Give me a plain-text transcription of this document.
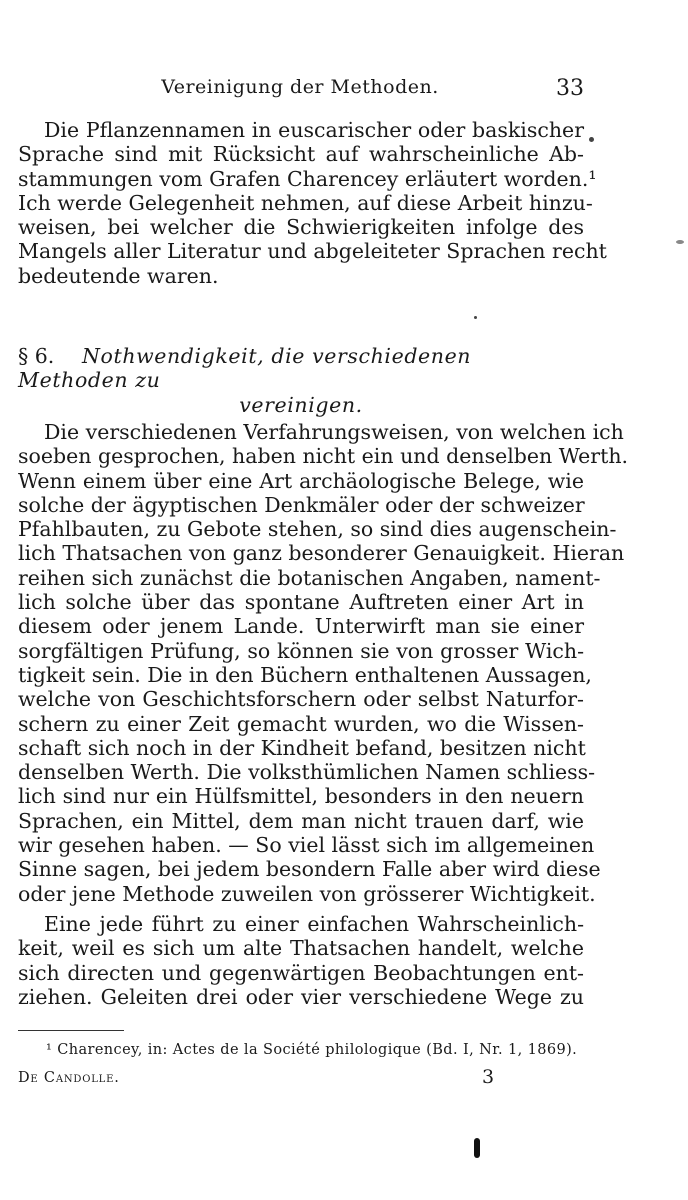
Vereinigung der Methoden.	33
Die Pflanzennamen in euscarischer oder baskischer
Sprache sind mit Rücksicht auf wahrscheinliche Ab-
stammungen vom Grafen Charencey erläutert worden.¹
Ich werde Gelegenheit nehmen, auf diese Arbeit hinzu-
weisen, bei welcher die Schwierigkeiten infolge des
Mangels aller Literatur und abgeleiteter Sprachen recht
bedeutende waren.
§ 6. Nothwendigkeit, die verschiedenen Methoden zu
vereinigen.
Die verschiedenen Verfahrungsweisen, von welchen ich
soeben gesprochen, haben nicht ein und denselben Werth.
Wenn einem über eine Art archäologische Belege, wie
solche der ägyptischen Denkmäler oder der schweizer
Pfahlbauten, zu Gebote stehen, so sind dies augenschein-
lich Thatsachen von ganz besonderer Genauigkeit. Hieran
reihen sich zunächst die botanischen Angaben, nament-
lich solche über das spontane Auftreten einer Art in
diesem oder jenem Lande. Unterwirft man sie einer
sorgfältigen Prüfung, so können sie von grosser Wich-
tigkeit sein. Die in den Büchern enthaltenen Aussagen,
welche von Geschichtsforschern oder selbst Naturfor-
schern zu einer Zeit gemacht wurden, wo die Wissen-
schaft sich noch in der Kindheit befand, besitzen nicht
denselben Werth. Die volksthümlichen Namen schliess-
lich sind nur ein Hülfsmittel, besonders in den neuern
Sprachen, ein Mittel, dem man nicht trauen darf, wie
wir gesehen haben. — So viel lässt sich im allgemeinen
Sinne sagen, bei jedem besondern Falle aber wird diese
oder jene Methode zuweilen von grösserer Wichtigkeit.
Eine jede führt zu einer einfachen Wahrscheinlich-
keit, weil es sich um alte Thatsachen handelt, welche
sich directen und gegenwärtigen Beobachtungen ent-
ziehen. Geleiten drei oder vier verschiedene Wege zu
¹ Charencey, in: Actes de la Société philologique (Bd. I, Nr. 1, 1869).
De Candolle.	3
